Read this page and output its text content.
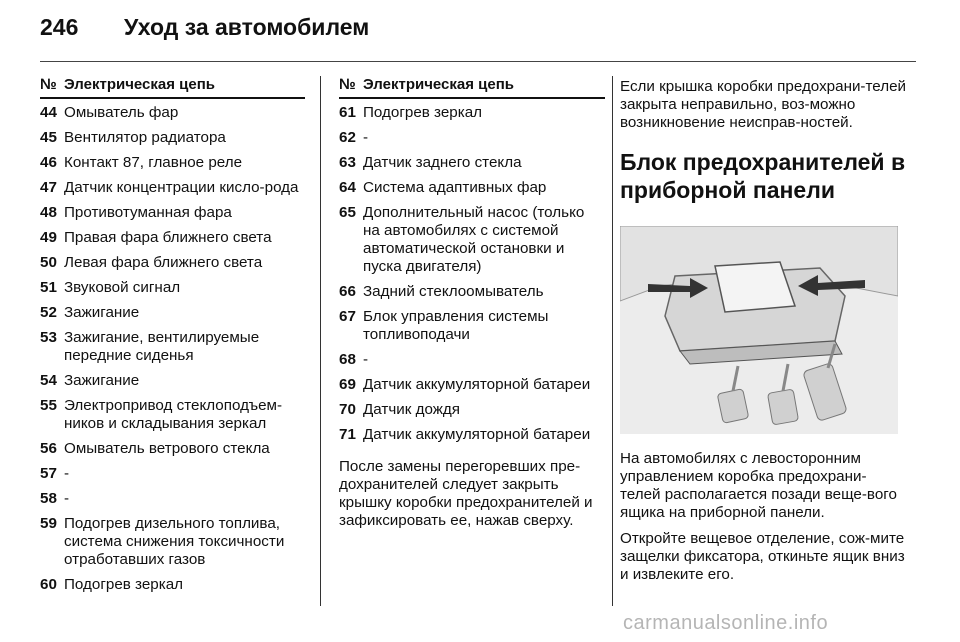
246 Уход за автомобилем
№ Электрическая цепь
44 Омыватель фар
45 Вентилятор радиатора
46 Контакт 87, главное реле
47 Датчик концентрации кисло-рода
48 Противотуманная фара
49 Правая фара ближнего света
50 Левая фара ближнего света
51 Звуковой сигнал
52 Зажигание
53 Зажигание, вентилируемые передние сиденья
54 Зажигание
55 Электропривод стеклоподъем-ников и складывания зеркал
56 Омыватель ветрового стекла
57 -
58 -
59 Подогрев дизельного топлива, система снижения токсичности отработавших газов
60 Подогрев зеркал
№ Электрическая цепь
61 Подогрев зеркал
62 -
63 Датчик заднего стекла
64 Система адаптивных фар
65 Дополнительный насос (только на автомобилях с системой автоматической остановки и пуска двигателя)
66 Задний стеклоомыватель
67 Блок управления системы топливоподачи
68 -
69 Датчик аккумуляторной батареи
70 Датчик дождя
71 Датчик аккумуляторной батареи
После замены перегоревших пре-дохранителей следует закрыть крышку коробки предохранителей и зафиксировать ее, нажав сверху.

Если крышка коробки предохрани-телей закрыта неправильно, воз-можно возникновение неисправ-ностей.

Блок предохранителей в приборной панели

На автомобилях с левосторонним управлением коробка предохрани-телей располагается позади веще-вого ящика на приборной панели.

Откройте вещевое отделение, сож-мите защелки фиксатора, откиньте ящик вниз и извлеките его.

carmanualsonline.info
